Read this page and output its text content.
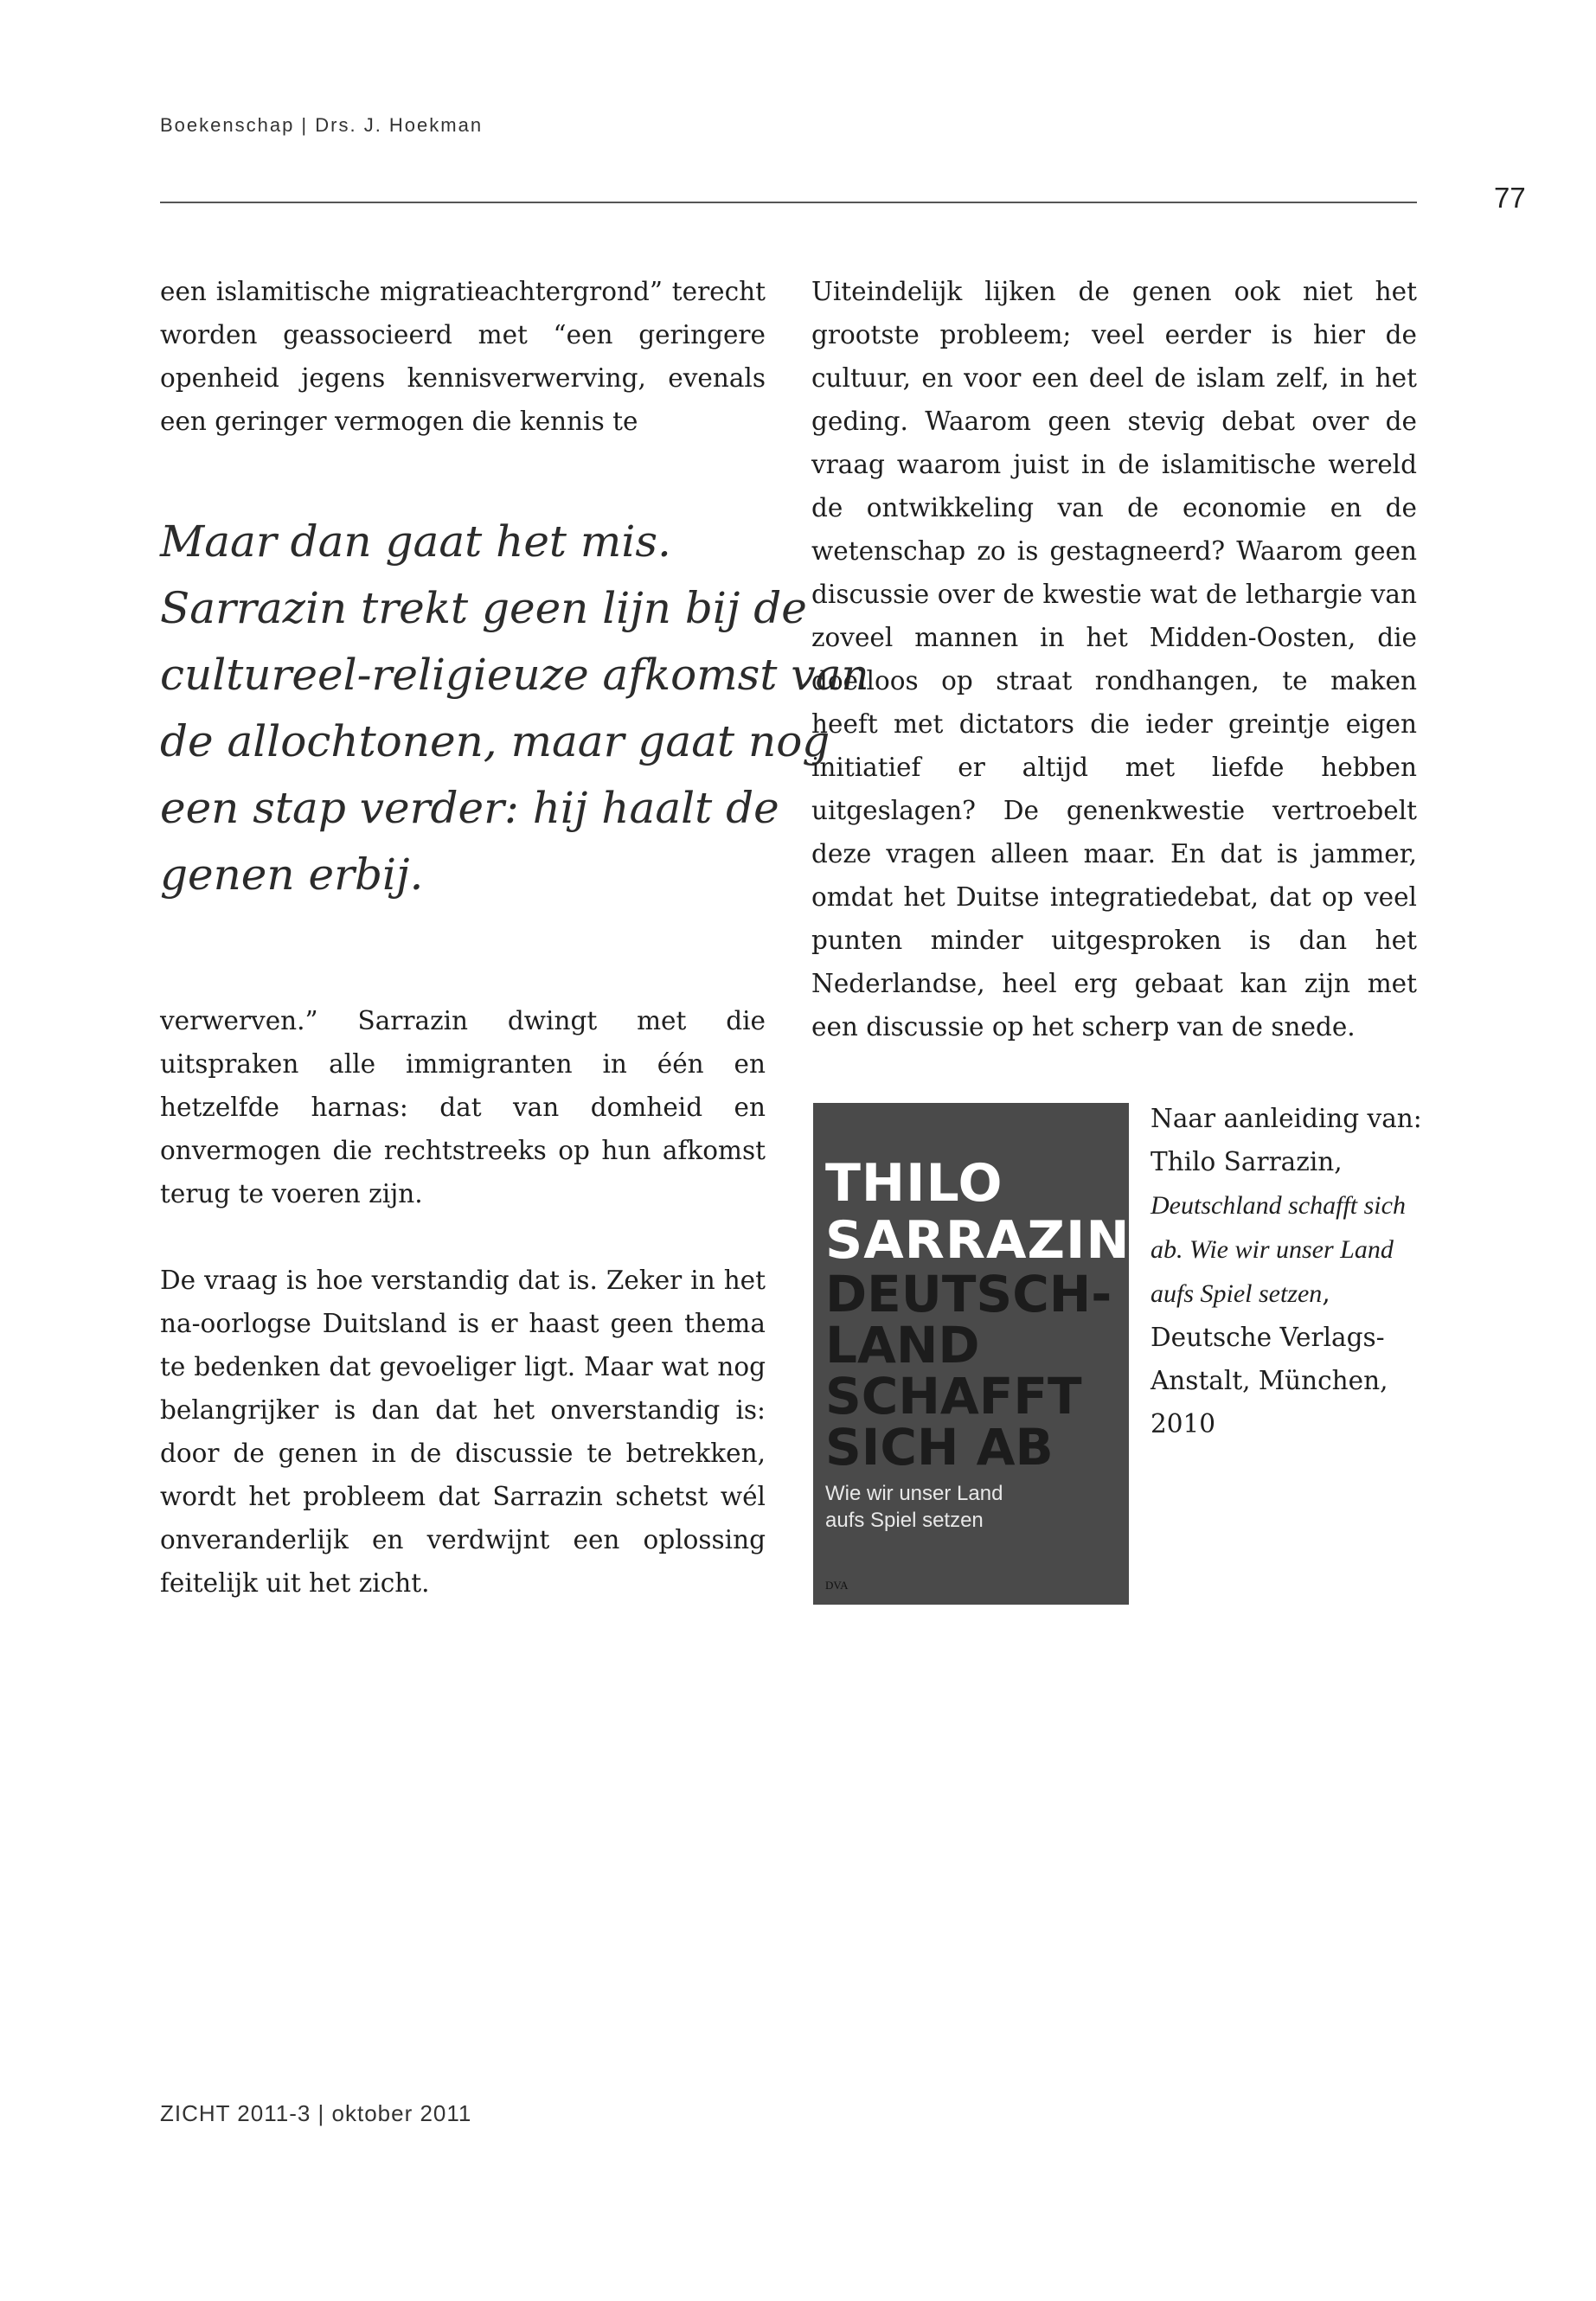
Boekenschap | Drs. J. Hoekman
77

een islamitische migratieachtergrond” terecht worden geassocieerd met “een geringere openheid jegens kennisverwerving, evenals een geringer vermogen die kennis te

Maar dan gaat het mis.
Sarrazin trekt geen lijn bij de
cultureel-religieuze afkomst van
de allochtonen, maar gaat nog
een stap verder: hij haalt de
genen erbij.

verwerven.” Sarrazin dwingt met die uitspraken alle immigranten in één en hetzelfde harnas: dat van domheid en onvermogen die rechtstreeks op hun afkomst terug te voeren zijn.

De vraag is hoe verstandig dat is. Zeker in het na-oorlogse Duitsland is er haast geen thema te bedenken dat gevoeliger ligt. Maar wat nog belangrijker is dan dat het onverstandig is: door de genen in de discussie te betrekken, wordt het probleem dat Sarrazin schetst wél onveranderlijk en verdwijnt een oplossing feitelijk uit het zicht.

Uiteindelijk lijken de genen ook niet het grootste probleem; veel eerder is hier de cultuur, en voor een deel de islam zelf, in het geding. Waarom geen stevig debat over de vraag waarom juist in de islamitische wereld de ontwikkeling van de economie en de wetenschap zo is gestagneerd? Waarom geen discussie over de kwestie wat de lethargie van zoveel mannen in het Midden-Oosten, die doelloos op straat rondhangen, te maken heeft met dictators die ieder greintje eigen initiatief er altijd met liefde hebben uitgeslagen? De genenkwestie vertroebelt deze vragen alleen maar. En dat is jammer, omdat het Duitse integratiedebat, dat op veel punten minder uitgesproken is dan het Nederlandse, heel erg gebaat kan zijn met een discussie op het scherp van de snede.

THILO
SARRAZIN
DEUTSCH-
LAND
SCHAFFT
SICH AB
Wie wir unser Land
aufs Spiel setzen
DVA

Naar aanleiding van:
Thilo Sarrazin, Deutschland schafft sich ab. Wie wir unser Land aufs Spiel setzen, Deutsche Verlags-Anstalt, München, 2010

ZICHT 2011-3 | oktober 2011
